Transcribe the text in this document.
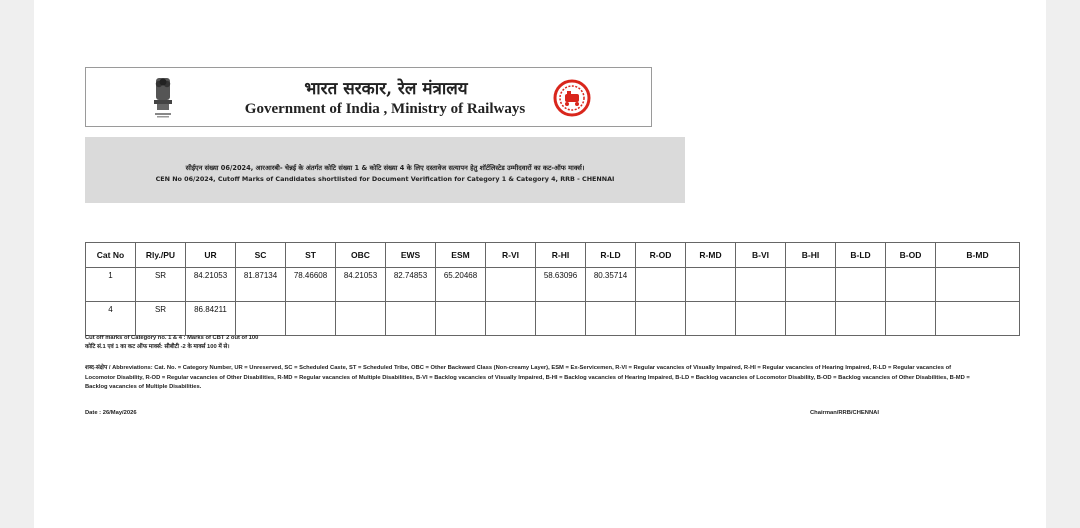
भारत सरकार, रेल मंत्रालय
Government of India , Ministry of Railways
सीईएन संख्या 06/2024, आरआरबी- चेन्नई के अंतर्गत कोटि संख्या 1 & कोटि संख्या 4 के लिए दस्तावेज सत्यापन हेतु शॉर्टलिस्टेड उम्मीदवारों का कट-ऑफ मार्क्स।
CEN No 06/2024, Cutoff Marks of Candidates shortlisted for Document Verification for Category 1 & Category 4, RRB - CHENNAI
Cat No	Rly./PU	UR	SC	ST	OBC	EWS	ESM	R-VI	R-HI	R-LD	R-OD	R-MD	B-VI	B-HI	B-LD	B-OD	B-MD
1	SR	84.21053	81.87134	78.46608	84.21053	82.74853	65.20468		58.63096	80.35714							
4	SR	86.84211															
Cut off marks of Category no. 1 & 4 : Marks of CBT 2 out of 100
कोटि सं.1 एवं 1 का कट ऑफ मार्क्स: सीबीटी -2 के मार्क्स 100 में से।
शब्द-संक्षेप / Abbreviations: Cat. No. = Category Number, UR = Unreserved, SC = Scheduled Caste, ST = Scheduled Tribe, OBC = Other Backward Class (Non-creamy Layer), ESM = Ex-Servicemen, R-VI = Regular vacancies of Visually Impaired, R-HI = Regular vacancies of Hearing Impaired, R-LD = Regular vacancies of Locomotor Disability, R-OD = Regular vacancies of Other Disabilities, R-MD = Regular vacancies of Multiple Disabilities, B-VI = Backlog vacancies of Visually Impaired, B-HI = Backlog vacancies of Hearing Impaired, B-LD = Backlog vacancies of Locomotor Disability, B-OD = Backlog vacancies of Other Disabilities, B-MD = Backlog vacancies of Multiple Disabilities.
Date : 26/May/2026	Chairman/RRB/CHENNAI
